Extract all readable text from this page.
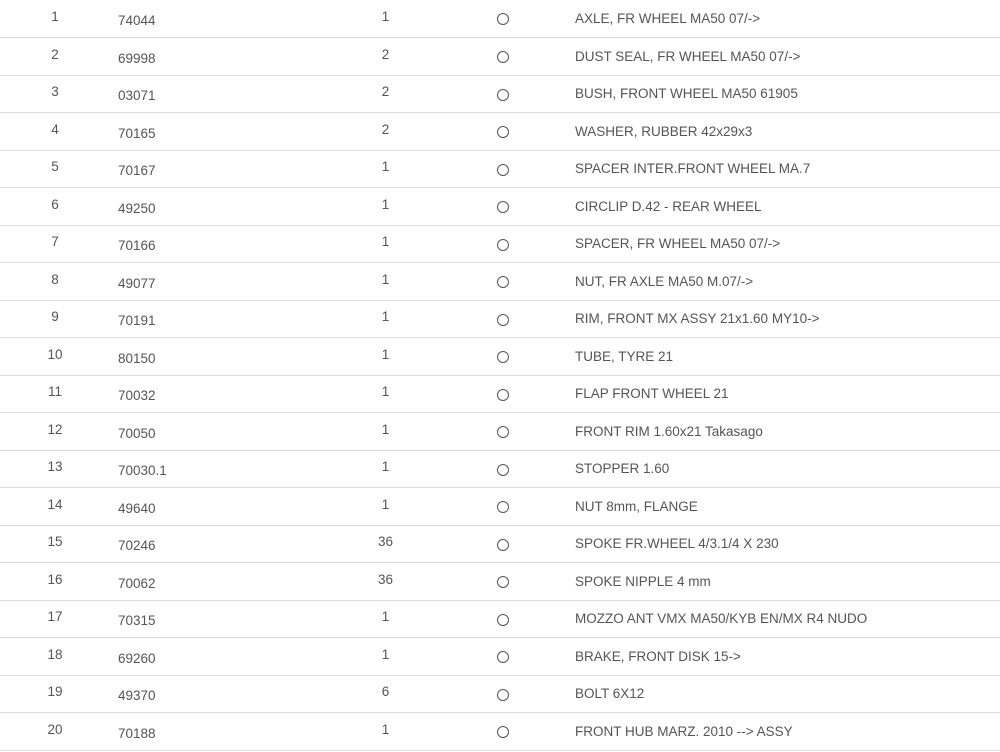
1	74044	1		AXLE, FR WHEEL MA50 07/->
2	69998	2		DUST SEAL, FR WHEEL MA50 07/->
3	03071	2		BUSH, FRONT WHEEL MA50 61905
4	70165	2		WASHER, RUBBER 42x29x3
5	70167	1		SPACER INTER.FRONT WHEEL MA.7
6	49250	1		CIRCLIP D.42 - REAR WHEEL
7	70166	1		SPACER, FR WHEEL MA50 07/->
8	49077	1		NUT, FR AXLE MA50 M.07/->
9	70191	1		RIM, FRONT MX ASSY 21x1.60 MY10->
10	80150	1		TUBE, TYRE 21
11	70032	1		FLAP FRONT WHEEL 21
12	70050	1		FRONT RIM 1.60x21 Takasago
13	70030.1	1		STOPPER 1.60
14	49640	1		NUT 8mm, FLANGE
15	70246	36		SPOKE FR.WHEEL 4/3.1/4 X 230
16	70062	36		SPOKE NIPPLE 4 mm
17	70315	1		MOZZO ANT VMX MA50/KYB EN/MX R4 NUDO
18	69260	1		BRAKE, FRONT DISK 15->
19	49370	6		BOLT 6X12
20	70188	1		FRONT HUB MARZ. 2010 --> ASSY
